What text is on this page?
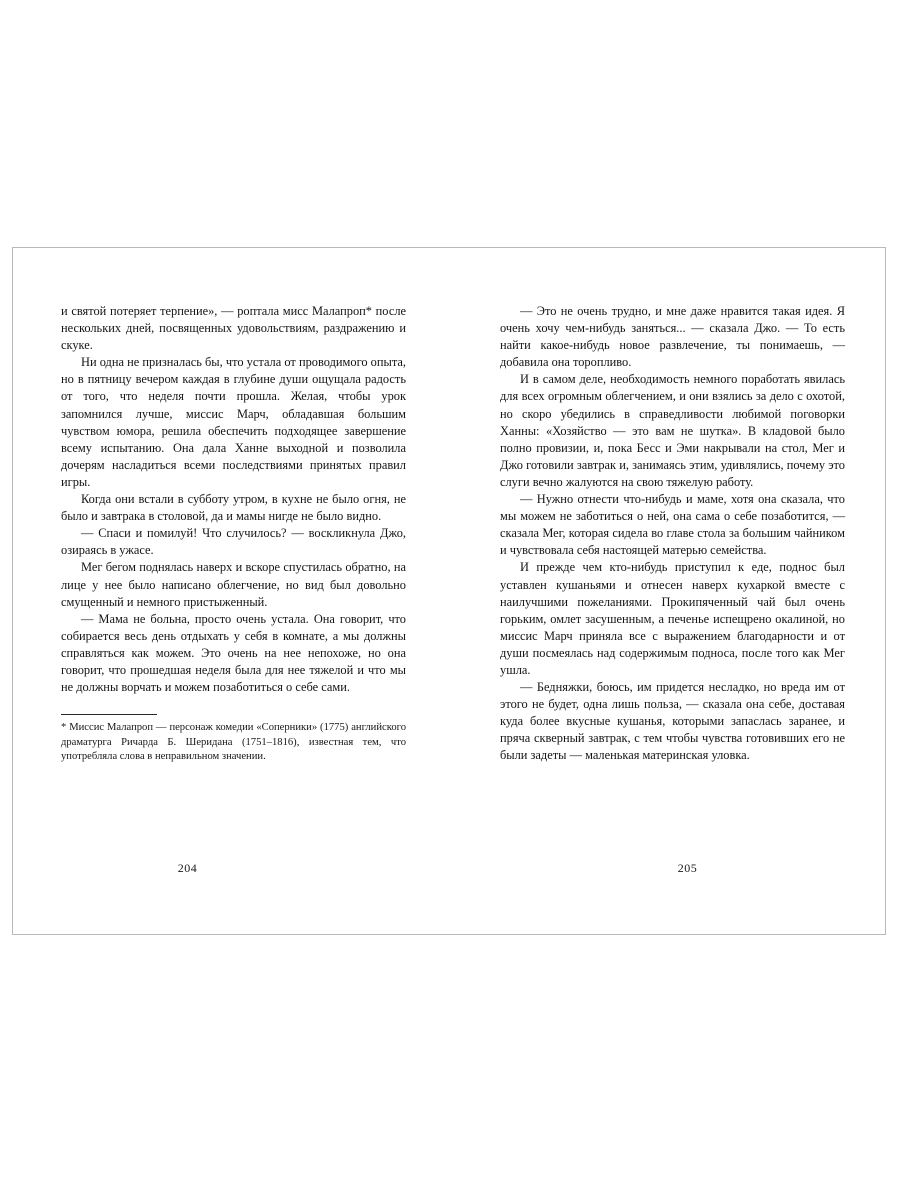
и святой потеряет терпение», — роптала мисс Малапроп* после нескольких дней, посвященных удовольствиям, раздражению и скуке.

Ни одна не призналась бы, что устала от проводимого опыта, но в пятницу вечером каждая в глубине души ощущала радость от того, что неделя почти прошла. Желая, чтобы урок запомнился лучше, миссис Марч, обладавшая большим чувством юмора, решила обеспечить подходящее завершение всему испытанию. Она дала Ханне выходной и позволила дочерям насладиться всеми последствиями принятых правил игры.

Когда они встали в субботу утром, в кухне не было огня, не было и завтрака в столовой, да и мамы нигде не было видно.

— Спаси и помилуй! Что случилось? — воскликнула Джо, озираясь в ужасе.

Мег бегом поднялась наверх и вскоре спустилась обратно, на лице у нее было написано облегчение, но вид был довольно смущенный и немного пристыженный.

— Мама не больна, просто очень устала. Она говорит, что собирается весь день отдыхать у себя в комнате, а мы должны справляться как можем. Это очень на нее непохоже, но она говорит, что прошедшая неделя была для нее тяжелой и что мы не должны ворчать и можем позаботиться о себе сами.

* Миссис Малапроп — персонаж комедии «Соперники» (1775) английского драматурга Ричарда Б. Шеридана (1751–1816), известная тем, что употребляла слова в неправильном значении.

204

— Это не очень трудно, и мне даже нравится такая идея. Я очень хочу чем-нибудь заняться... — сказала Джо. — То есть найти какое-нибудь новое развлечение, ты понимаешь, — добавила она торопливо.

И в самом деле, необходимость немного поработать явилась для всех огромным облегчением, и они взялись за дело с охотой, но скоро убедились в справедливости любимой поговорки Ханны: «Хозяйство — это вам не шутка». В кладовой было полно провизии, и, пока Бесс и Эми накрывали на стол, Мег и Джо готовили завтрак и, занимаясь этим, удивлялись, почему это слуги вечно жалуются на свою тяжелую работу.

— Нужно отнести что-нибудь и маме, хотя она сказала, что мы можем не заботиться о ней, она сама о себе позаботится, — сказала Мег, которая сидела во главе стола за большим чайником и чувствовала себя настоящей матерью семейства.

И прежде чем кто-нибудь приступил к еде, поднос был уставлен кушаньями и отнесен наверх кухаркой вместе с наилучшими пожеланиями. Прокипяченный чай был очень горьким, омлет засушенным, а печенье испещрено окалиной, но миссис Марч приняла все с выражением благодарности и от души посмеялась над содержимым подноса, после того как Мег ушла.

— Бедняжки, боюсь, им придется несладко, но вреда им от этого не будет, одна лишь польза, — сказала она себе, доставая куда более вкусные кушанья, которыми запаслась заранее, и пряча скверный завтрак, с тем чтобы чувства готовивших его не были задеты — маленькая материнская уловка.

205
